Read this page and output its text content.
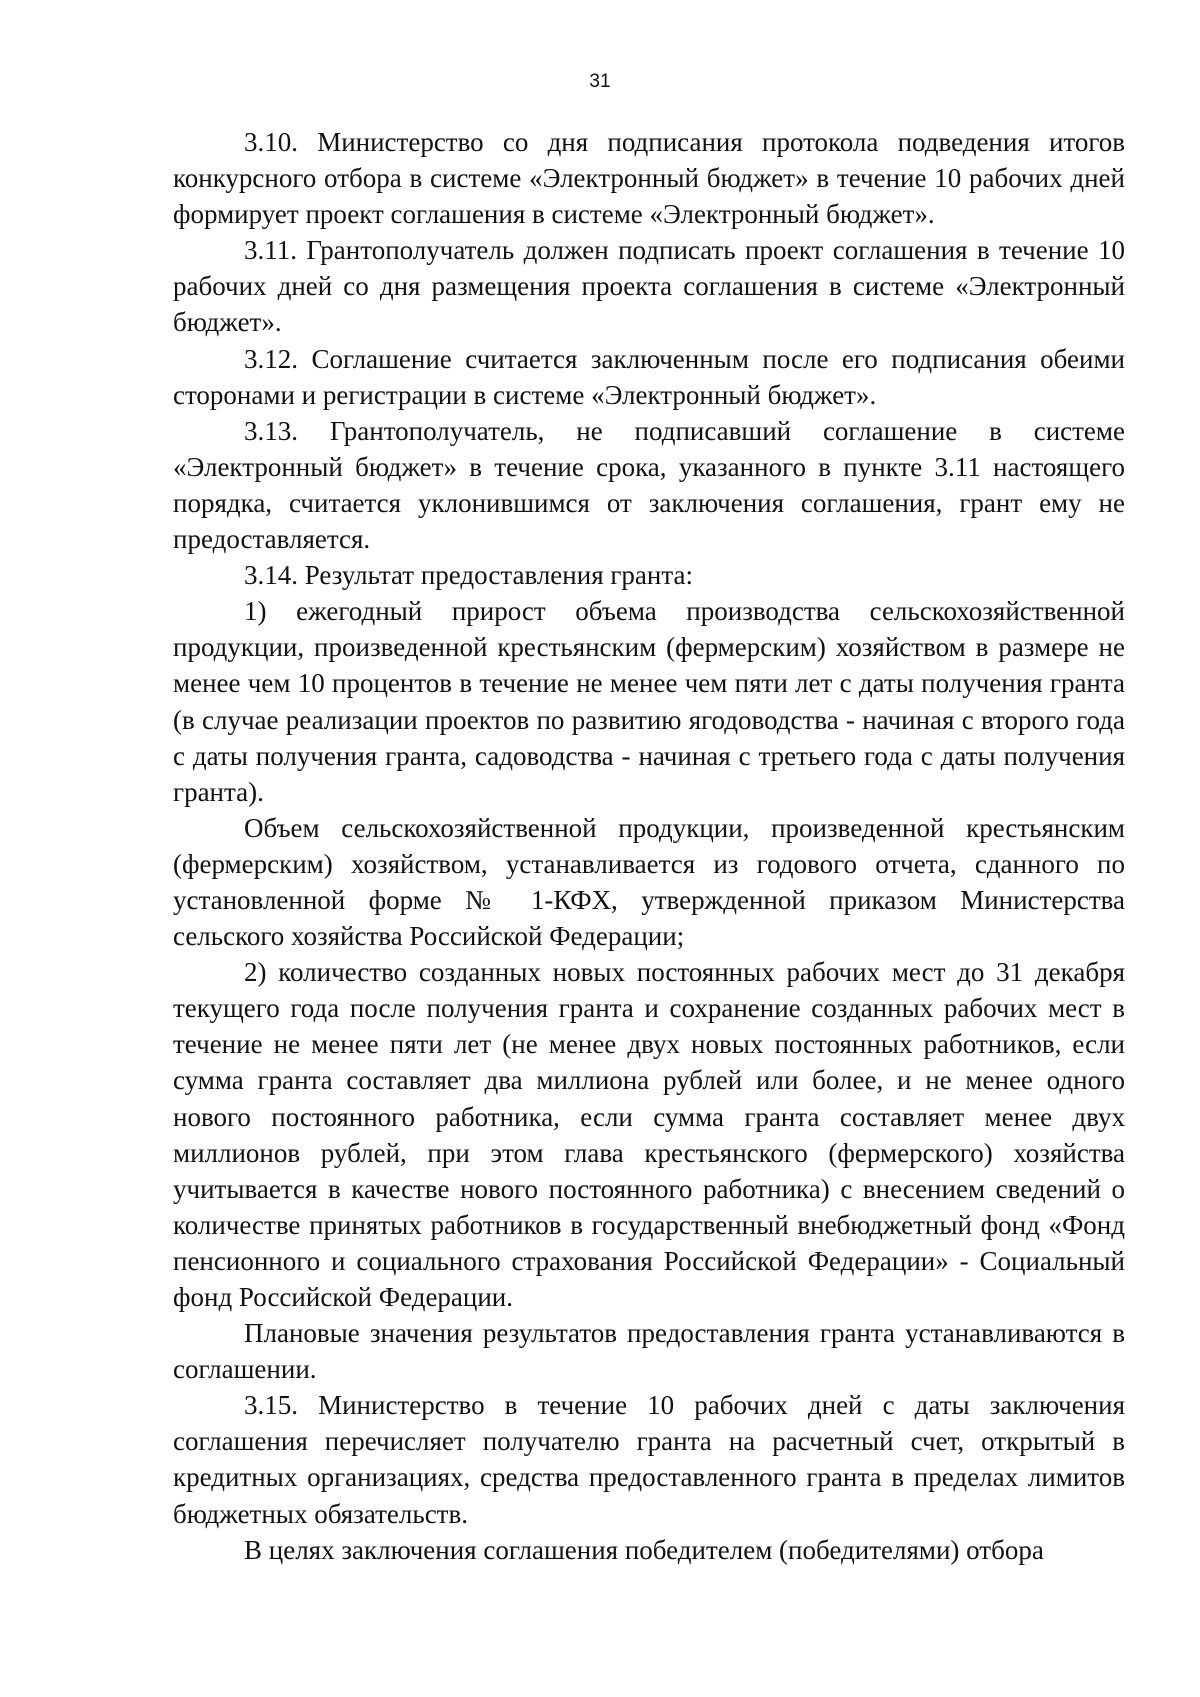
31

3.10. Министерство со дня подписания протокола подведения итогов конкурсного отбора в системе «Электронный бюджет» в течение 10 рабочих дней формирует проект соглашения в системе «Электронный бюджет».

3.11. Грантополучатель должен подписать проект соглашения в течение 10 рабочих дней со дня размещения проекта соглашения в системе «Электронный бюджет».

3.12. Соглашение считается заключенным после его подписания обеими сторонами и регистрации в системе «Электронный бюджет».

3.13. Грантополучатель, не подписавший соглашение в системе «Электронный бюджет» в течение срока, указанного в пункте 3.11 настоящего порядка, считается уклонившимся от заключения соглашения, грант ему не предоставляется.

3.14. Результат предоставления гранта:

1) ежегодный прирост объема производства сельскохозяйственной продукции, произведенной крестьянским (фермерским) хозяйством в размере не менее чем 10 процентов в течение не менее чем пяти лет с даты получения гранта (в случае реализации проектов по развитию ягодоводства - начиная с второго года с даты получения гранта, садоводства - начиная с третьего года с даты получения гранта).

Объем сельскохозяйственной продукции, произведенной крестьянским (фермерским) хозяйством, устанавливается из годового отчета, сданного по установленной форме № 1-КФХ, утвержденной приказом Министерства сельского хозяйства Российской Федерации;

2) количество созданных новых постоянных рабочих мест до 31 декабря текущего года после получения гранта и сохранение созданных рабочих мест в течение не менее пяти лет (не менее двух новых постоянных работников, если сумма гранта составляет два миллиона рублей или более, и не менее одного нового постоянного работника, если сумма гранта составляет менее двух миллионов рублей, при этом глава крестьянского (фермерского) хозяйства учитывается в качестве нового постоянного работника) с внесением сведений о количестве принятых работников в государственный внебюджетный фонд «Фонд пенсионного и социального страхования Российской Федерации» - Социальный фонд Российской Федерации.

Плановые значения результатов предоставления гранта устанавливаются в соглашении.

3.15. Министерство в течение 10 рабочих дней с даты заключения соглашения перечисляет получателю гранта на расчетный счет, открытый в кредитных организациях, средства предоставленного гранта в пределах лимитов бюджетных обязательств.

В целях заключения соглашения победителем (победителями) отбора
